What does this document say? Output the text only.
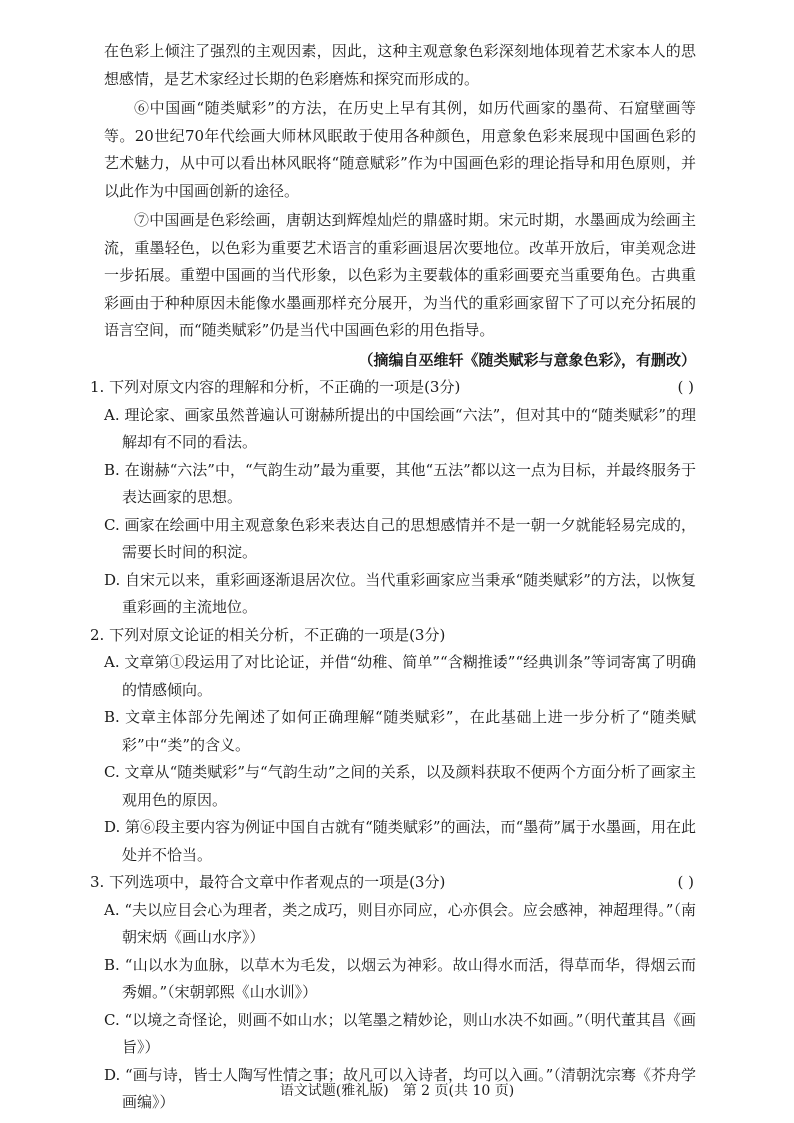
在色彩上倾注了强烈的主观因素，因此，这种主观意象色彩深刻地体现着艺术家本人的思想感情，是艺术家经过长期的色彩磨炼和探究而形成的。

⑥中国画“随类赋彩”的方法，在历史上早有其例，如历代画家的墨荷、石窟壁画等等。20世纪70年代绘画大师林风眠敢于使用各种颜色，用意象色彩来展现中国画色彩的艺术魅力，从中可以看出林风眠将“随意赋彩”作为中国画色彩的理论指导和用色原则，并以此作为中国画创新的途径。

⑦中国画是色彩绘画，唐朝达到辉煌灿烂的鼎盛时期。宋元时期，水墨画成为绘画主流，重墨轻色，以色彩为重要艺术语言的重彩画退居次要地位。改革开放后，审美观念进一步拓展。重塑中国画的当代形象，以色彩为主要载体的重彩画要充当重要角色。古典重彩画由于种种原因未能像水墨画那样充分展开，为当代的重彩画家留下了可以充分拓展的语言空间，而“随类赋彩”仍是当代中国画色彩的用色指导。

（摘编自巫维轩《随类赋彩与意象色彩》，有删改）

1. 下列对原文内容的理解和分析，不正确的一项是(3分)	( )

A. 理论家、画家虽然普遍认可谢赫所提出的中国绘画“六法”，但对其中的“随类赋彩”的理解却有不同的看法。

B. 在谢赫“六法”中，“气韵生动”最为重要，其他“五法”都以这一点为目标，并最终服务于表达画家的思想。

C. 画家在绘画中用主观意象色彩来表达自己的思想感情并不是一朝一夕就能轻易完成的，需要长时间的积淀。

D. 自宋元以来，重彩画逐渐退居次位。当代重彩画家应当秉承“随类赋彩”的方法，以恢复重彩画的主流地位。

2. 下列对原文论证的相关分析，不正确的一项是(3分)

A. 文章第①段运用了对比论证，并借“幼稚、简单”“含糊推诿”“经典训条”等词寄寓了明确的情感倾向。

B. 文章主体部分先阐述了如何正确理解“随类赋彩”，在此基础上进一步分析了“随类赋彩”中“类”的含义。

C. 文章从“随类赋彩”与“气韵生动”之间的关系，以及颜料获取不便两个方面分析了画家主观用色的原因。

D. 第⑥段主要内容为例证中国自古就有“随类赋彩”的画法，而“墨荷”属于水墨画，用在此处并不恰当。

3. 下列选项中，最符合文章中作者观点的一项是(3分)	( )

A. “夫以应目会心为理者，类之成巧，则目亦同应，心亦俱会。应会感神，神超理得。”（南朝宋炳《画山水序》）

B. “山以水为血脉，以草木为毛发，以烟云为神彩。故山得水而活，得草而华，得烟云而秀媚。”（宋朝郭熙《山水训》）

C. “以境之奇怪论，则画不如山水；以笔墨之精妙论，则山水决不如画。”（明代董其昌《画旨》）

D. “画与诗，皆士人陶写性情之事；故凡可以入诗者，均可以入画。”（清朝沈宗骞《芥舟学画编》）

语文试题(雅礼版)　第 2 页(共 10 页)
